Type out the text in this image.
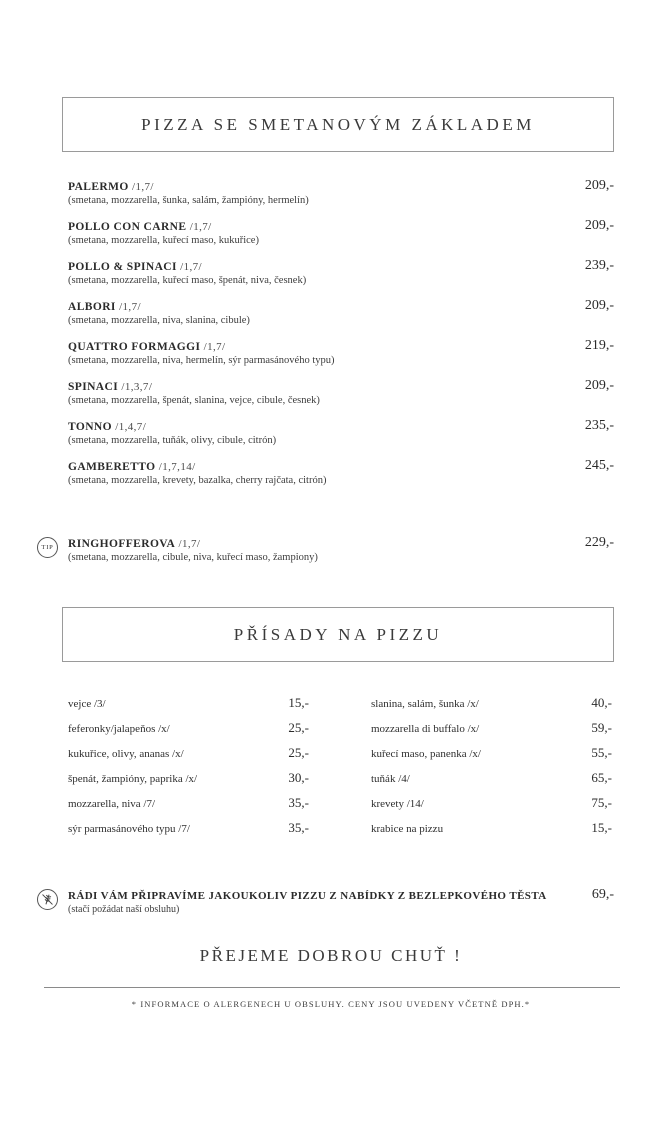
PIZZA SE SMETANOVÝM ZÁKLADEM
PALERMO /1,7/
(smetana, mozzarella, šunka, salám, žampióny, hermelín)
209,-
POLLO CON CARNE /1,7/
(smetana, mozzarella, kuřecí maso, kukuřice)
209,-
POLLO & SPINACI /1,7/
(smetana, mozzarella, kuřecí maso, špenát, niva, česnek)
239,-
ALBORI /1,7/
(smetana, mozzarella, niva, slanina, cibule)
209,-
QUATTRO FORMAGGI /1,7/
(smetana, mozzarella, niva, hermelín, sýr parmasánového typu)
219,-
SPINACI /1,3,7/
(smetana, mozzarella, špenát, slanina, vejce, cibule, česnek)
209,-
TONNO /1,4,7/
(smetana, mozzarella, tuňák, olivy, cibule, citrón)
235,-
GAMBERETTO /1,7,14/
(smetana, mozzarella, krevety, bazalka, cherry rajčata, citrón)
245,-
TIP RINGHOFFEROVA /1,7/
(smetana, mozzarella, cibule, niva, kuřecí maso, žampiony)
229,-
PŘÍSADY NA PIZZU
vejce /3/	15,-
feferonky/jalapeňos /x/	25,-
kukuřice, olivy, ananas /x/	25,-
špenát, žampióny, paprika /x/	30,-
mozzarella, niva /7/	35,-
sýr parmasánového typu /7/	35,-
slanina, salám, šunka /x/	40,-
mozzarella di buffalo /x/	59,-
kuřecí maso, panenka /x/	55,-
tuňák /4/	65,-
krevety /14/	75,-
krabice na pizzu	15,-
RÁDI VÁM PŘIPRAVÍME JAKOUKOLIV PIZZU Z NABÍDKY Z BEZLEPKOVÉHO TĚSTA
(stačí požádat naší obsluhu)
69,-
PŘEJEME DOBROU CHUŤ !
* INFORMACE O ALERGENECH U OBSLUHY. CENY JSOU UVEDENY VČETNĚ DPH.*
